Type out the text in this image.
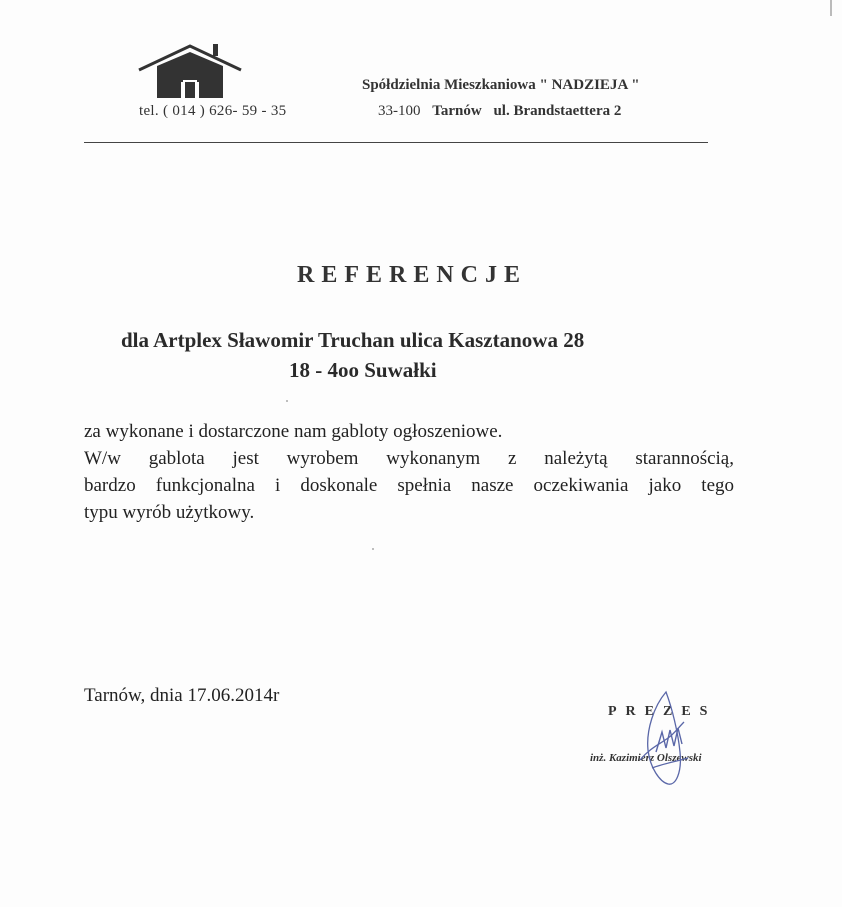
tel. ( 014 ) 626- 59 - 35
Spółdzielnia Mieszkaniowa " NADZIEJA "
33-100 Tarnów ul. Brandstaettera 2
REFERENCJE
dla Artplex Sławomir Truchan ulica Kasztanowa 28
18 - 4oo Suwałki

za wykonane i dostarczone nam gabloty ogłoszeniowe.

W/w gablota jest wyrobem wykonanym z należytą starannością,

bardzo funkcjonalna i doskonale spełnia nasze oczekiwania jako tego

typu wyrób użytkowy.

Tarnów, dnia 17.06.2014r
PREZES
inż. Kazimierz Olszewski
